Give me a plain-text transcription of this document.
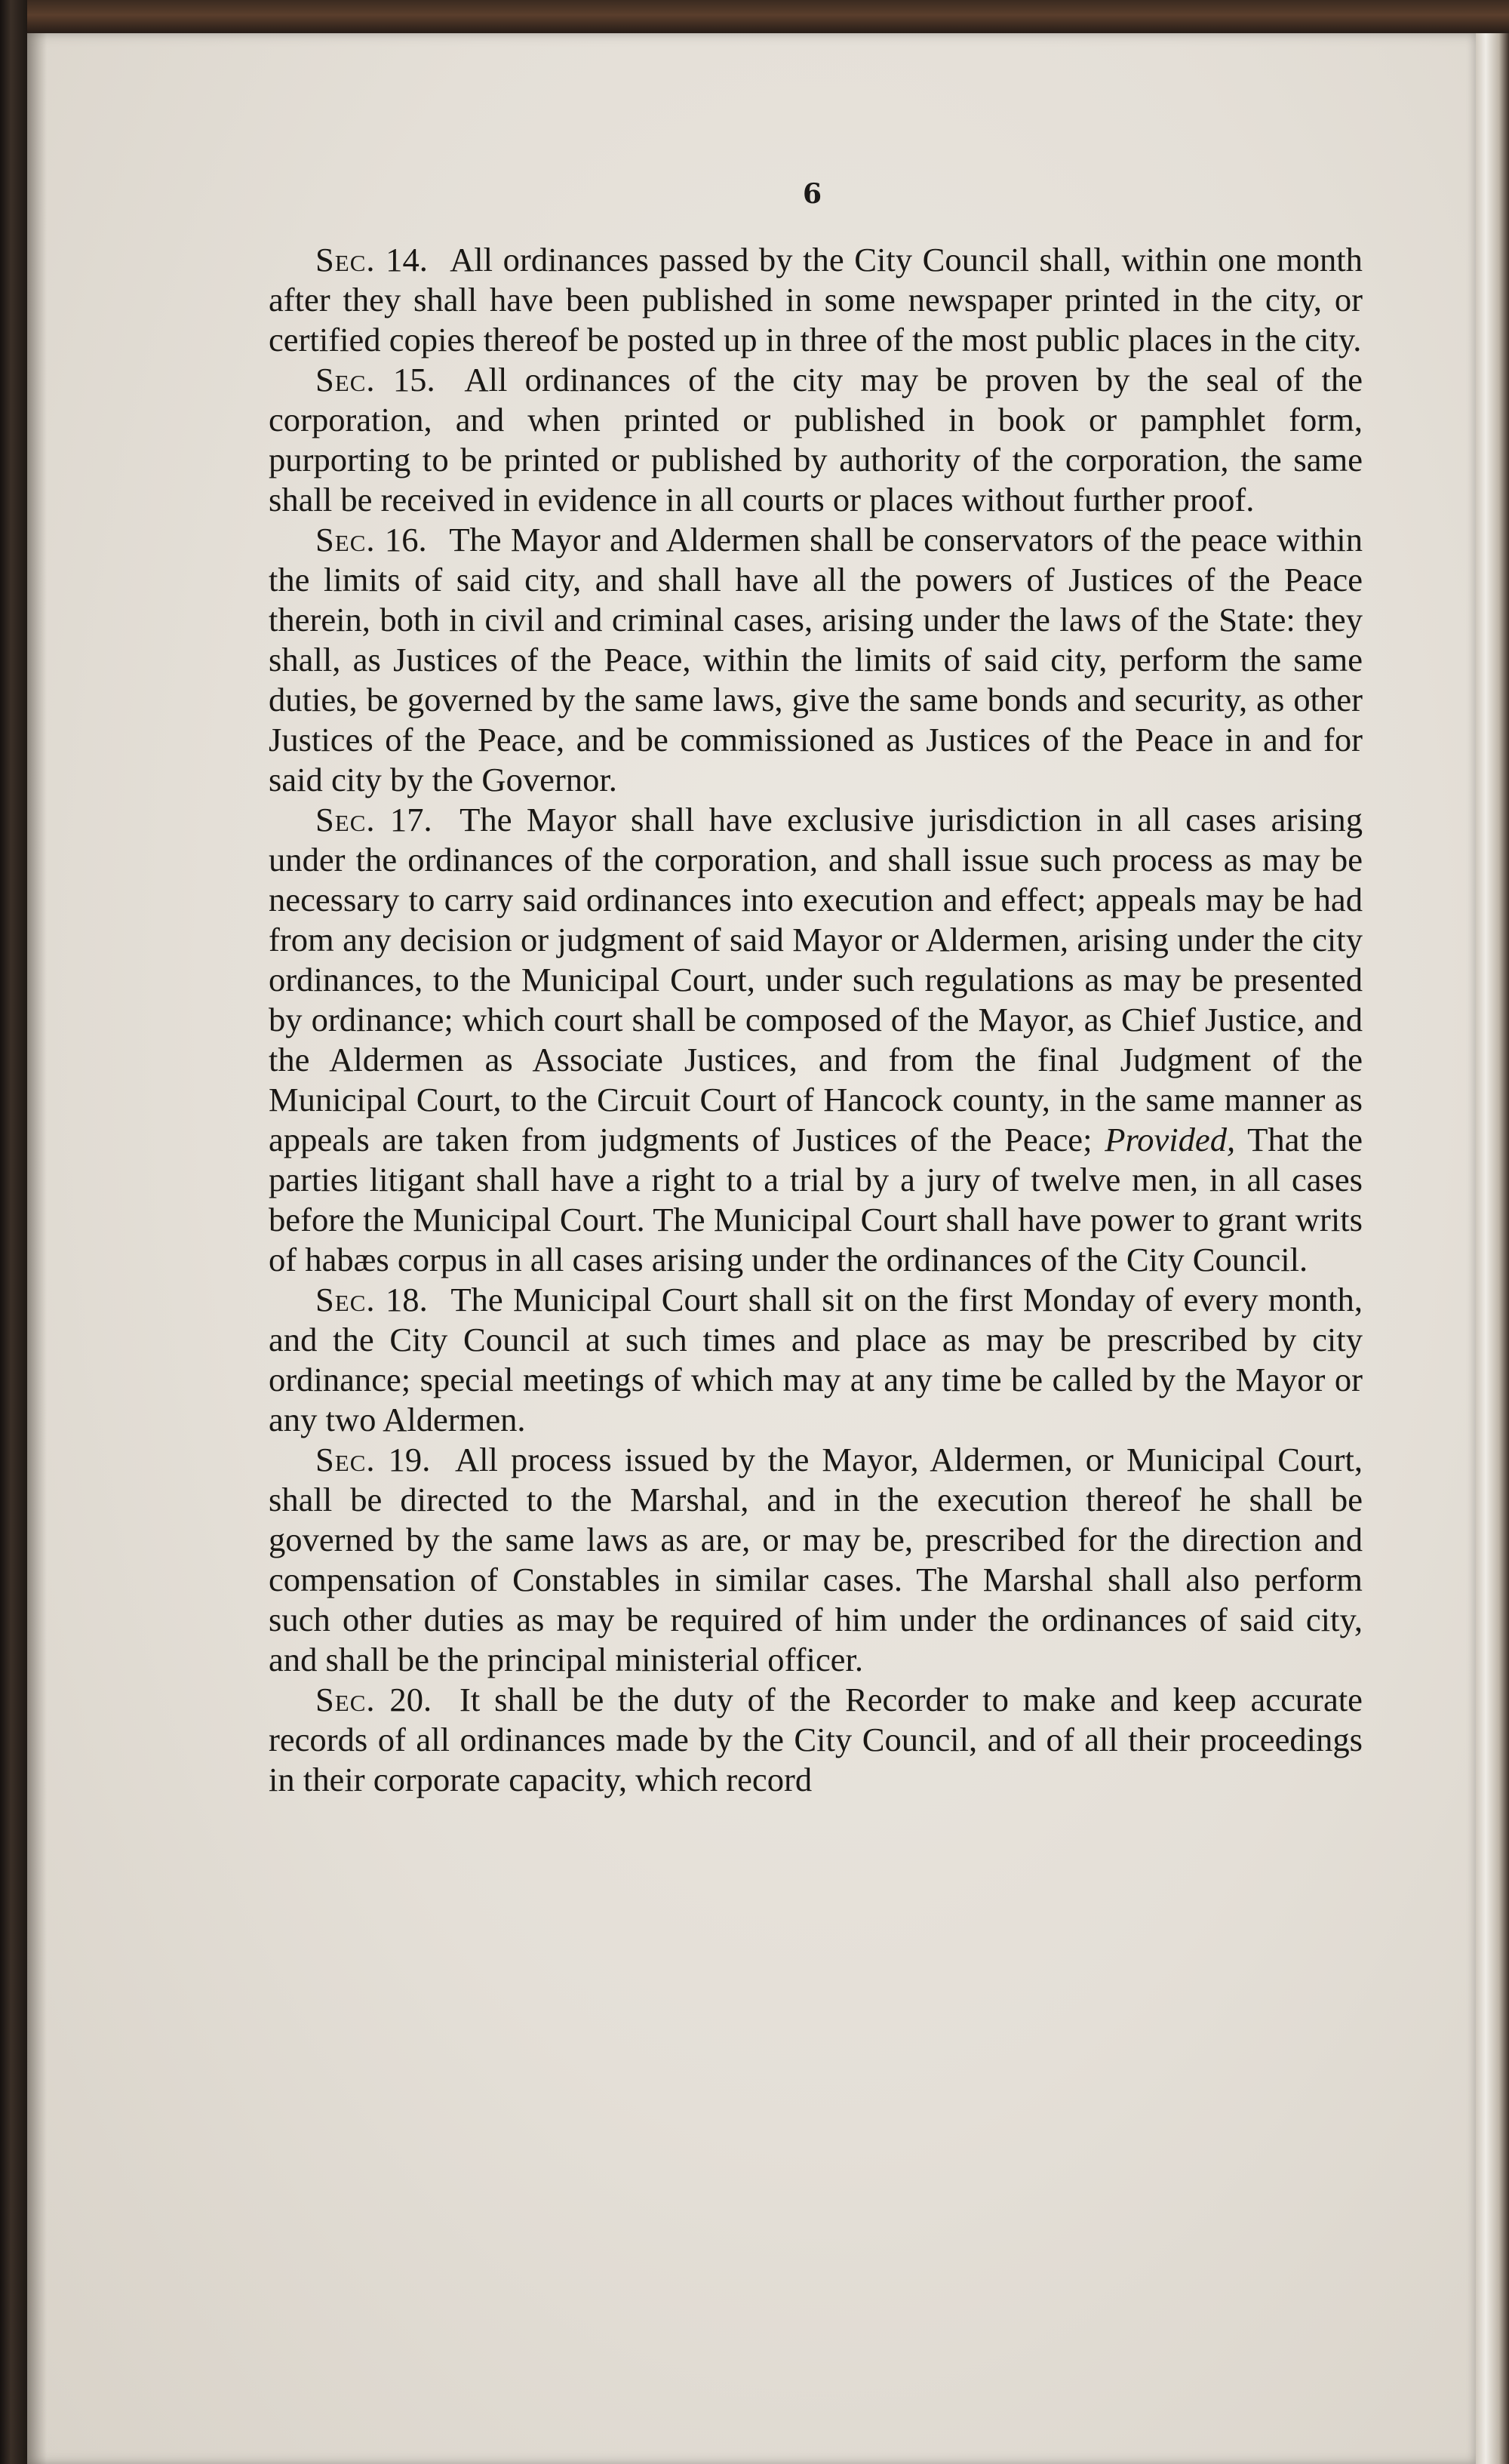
6

Sec. 14. All ordinances passed by the City Council shall, within one month after they shall have been published in some newspaper printed in the city, or certified copies thereof be posted up in three of the most public places in the city.

Sec. 15. All ordinances of the city may be proven by the seal of the corporation, and when printed or published in book or pamphlet form, purporting to be printed or published by authority of the corporation, the same shall be received in evidence in all courts or places without further proof.

Sec. 16. The Mayor and Aldermen shall be conservators of the peace within the limits of said city, and shall have all the powers of Justices of the Peace therein, both in civil and criminal cases, arising under the laws of the State: they shall, as Justices of the Peace, within the limits of said city, perform the same duties, be governed by the same laws, give the same bonds and security, as other Justices of the Peace, and be commissioned as Justices of the Peace in and for said city by the Governor.

Sec. 17. The Mayor shall have exclusive jurisdiction in all cases arising under the ordinances of the corporation, and shall issue such process as may be necessary to carry said ordinances into execution and effect; appeals may be had from any decision or judgment of said Mayor or Aldermen, arising under the city ordinances, to the Municipal Court, under such regulations as may be presented by ordinance; which court shall be composed of the Mayor, as Chief Justice, and the Aldermen as Associate Justices, and from the final Judgment of the Municipal Court, to the Circuit Court of Hancock county, in the same manner as appeals are taken from judgments of Justices of the Peace; Provided, That the parties litigant shall have a right to a trial by a jury of twelve men, in all cases before the Municipal Court. The Municipal Court shall have power to grant writs of habæs corpus in all cases arising under the ordinances of the City Council.

Sec. 18. The Municipal Court shall sit on the first Monday of every month, and the City Council at such times and place as may be prescribed by city ordinance; special meetings of which may at any time be called by the Mayor or any two Aldermen.

Sec. 19. All process issued by the Mayor, Aldermen, or Municipal Court, shall be directed to the Marshal, and in the execution thereof he shall be governed by the same laws as are, or may be, prescribed for the direction and compensation of Constables in similar cases. The Marshal shall also perform such other duties as may be required of him under the ordinances of said city, and shall be the principal ministerial officer.

Sec. 20. It shall be the duty of the Recorder to make and keep accurate records of all ordinances made by the City Council, and of all their proceedings in their corporate capacity, which record
